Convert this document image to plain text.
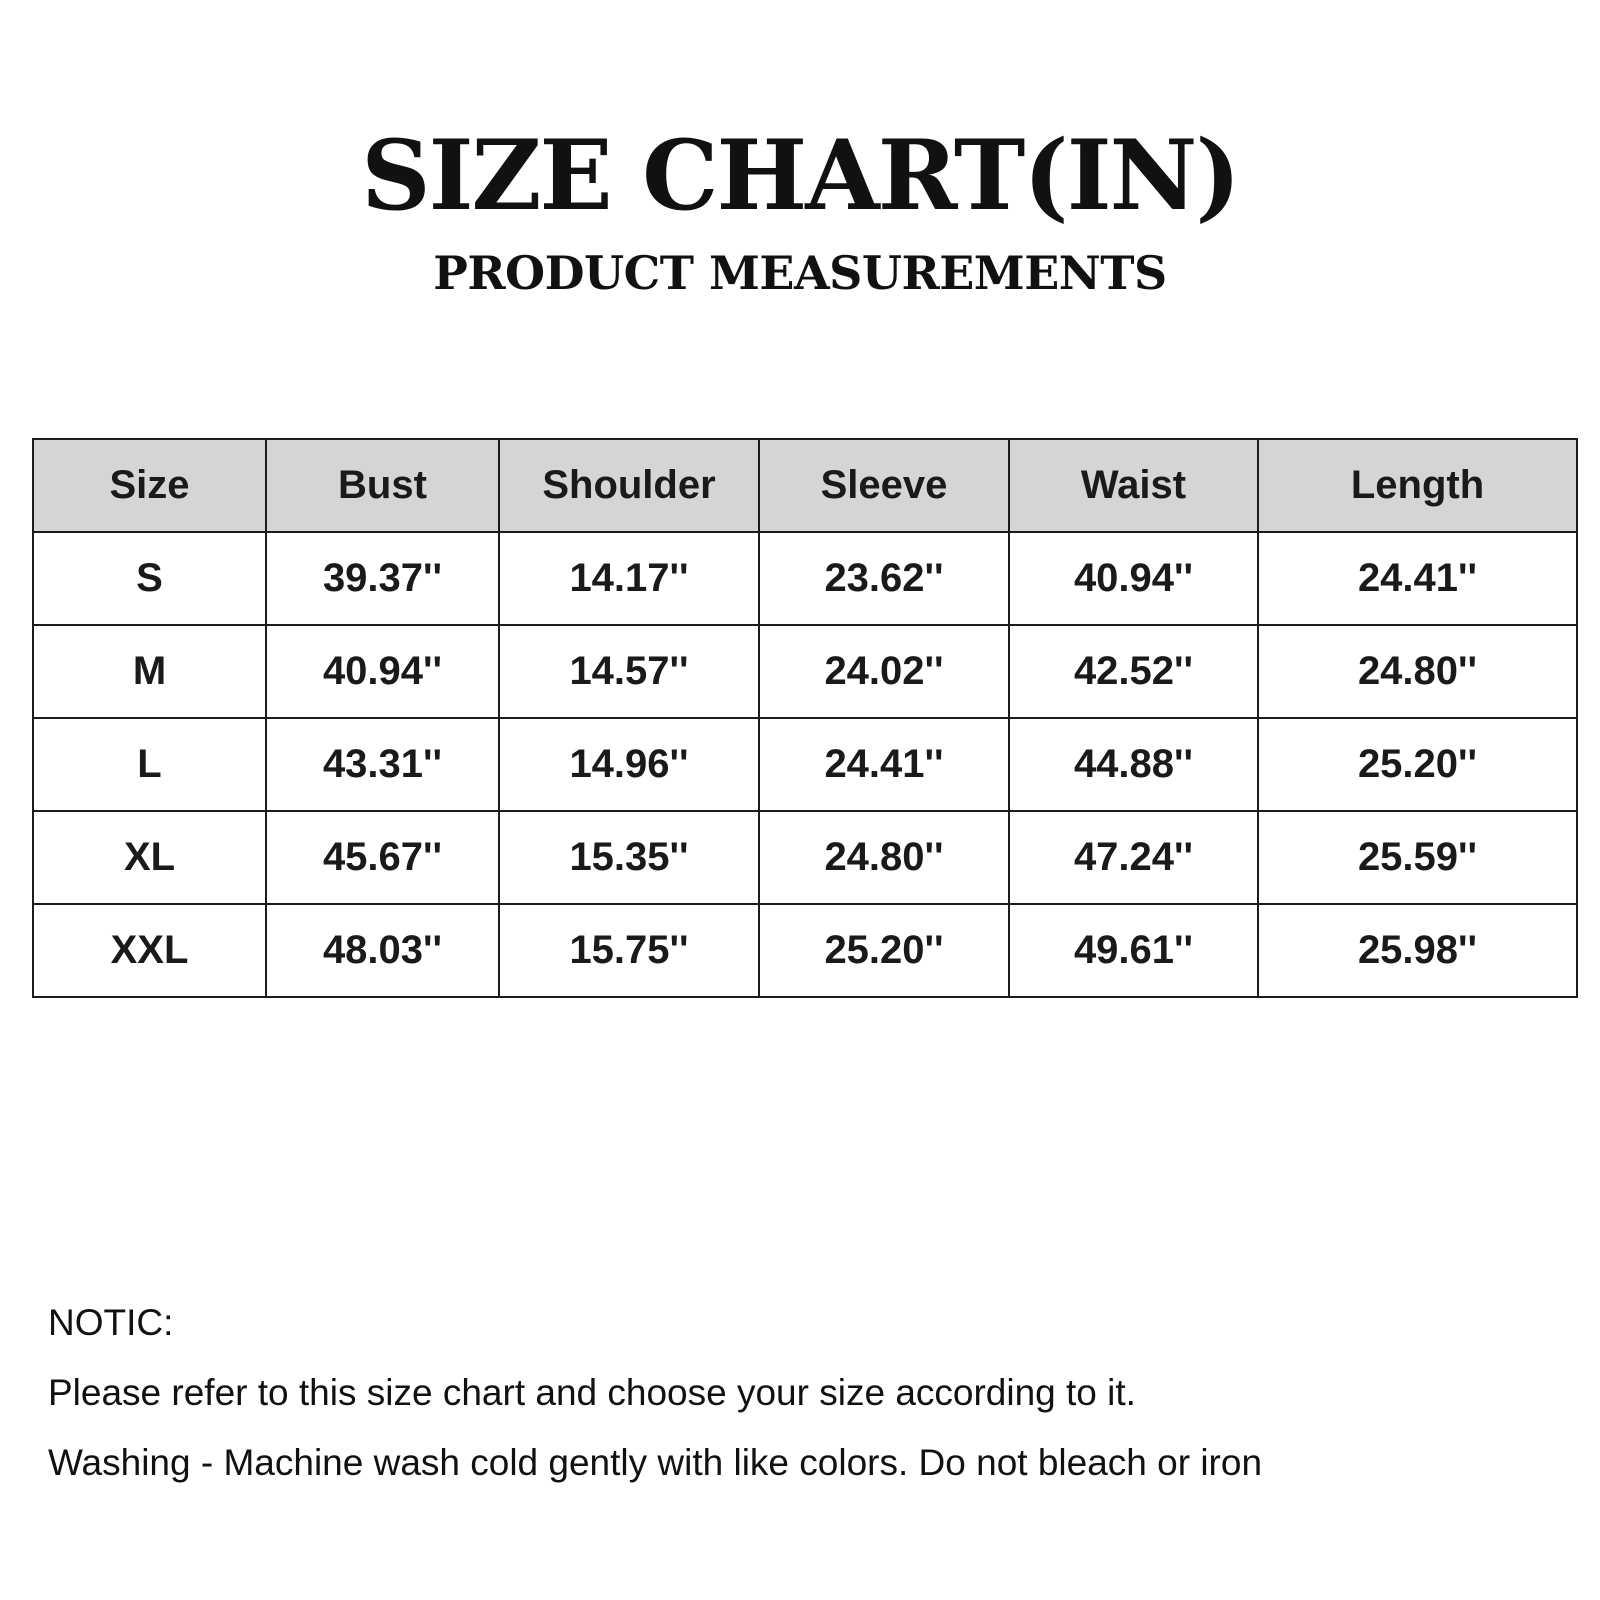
SIZE CHART(IN)
PRODUCT MEASUREMENTS
Size	Bust	Shoulder	Sleeve	Waist	Length
S	39.37''	14.17''	23.62''	40.94''	24.41''
M	40.94''	14.57''	24.02''	42.52''	24.80''
L	43.31''	14.96''	24.41''	44.88''	25.20''
XL	45.67''	15.35''	24.80''	47.24''	25.59''
XXL	48.03''	15.75''	25.20''	49.61''	25.98''

NOTIC:

Please refer to this size chart and choose your size according to it.

Washing - Machine wash cold gently with like colors. Do not bleach or iron
